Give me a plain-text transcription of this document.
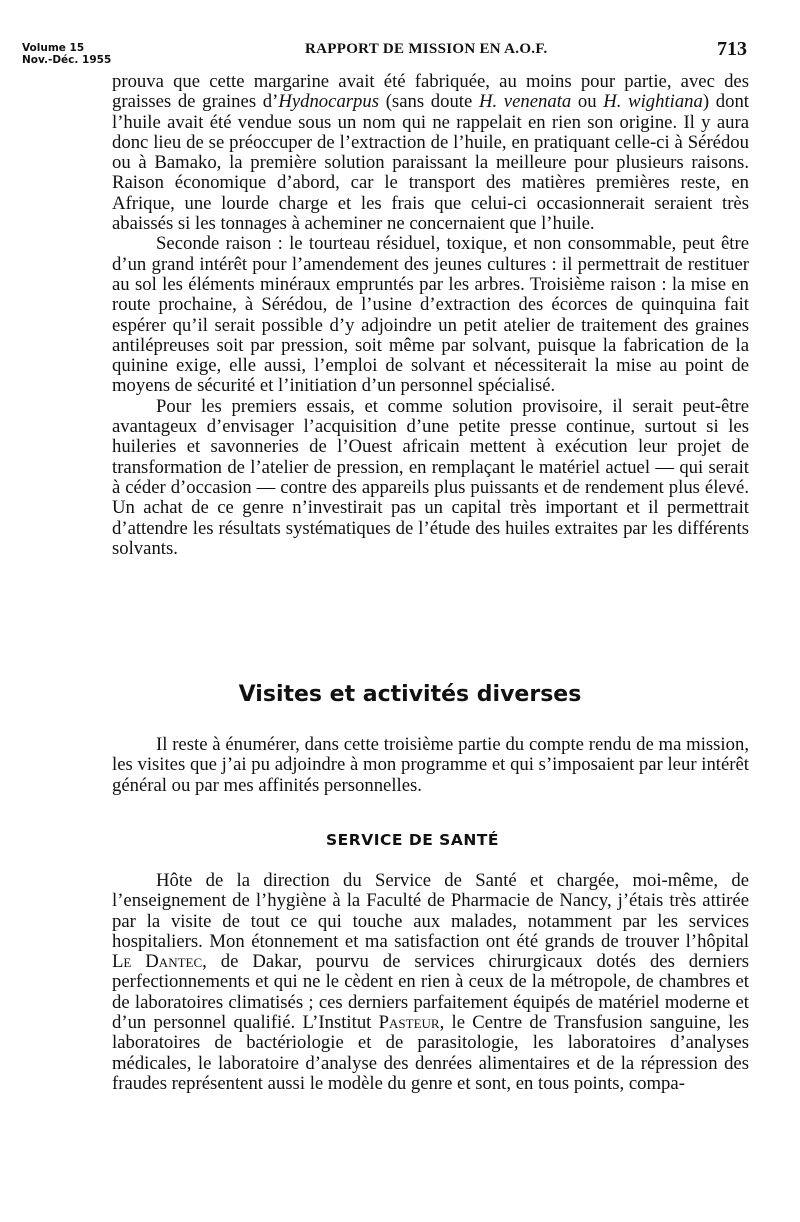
Volume 15
Nov.-Déc. 1955
RAPPORT DE MISSION EN A.O.F.	713

prouva que cette margarine avait été fabriquée, au moins pour partie, avec des graisses de graines d’Hydnocarpus (sans doute H. venenata ou H. wightiana) dont l’huile avait été vendue sous un nom qui ne rappelait en rien son origine. Il y aura donc lieu de se préoccuper de l’extraction de l’huile, en pratiquant celle-ci à Sérédou ou à Bamako, la première solution paraissant la meilleure pour plusieurs raisons. Raison économique d’abord, car le transport des matières premières reste, en Afrique, une lourde charge et les frais que celui-ci occasionnerait seraient très abaissés si les tonnages à acheminer ne concernaient que l’huile.

Seconde raison : le tourteau résiduel, toxique, et non consommable, peut être d’un grand intérêt pour l’amendement des jeunes cultures : il permettrait de restituer au sol les éléments minéraux empruntés par les arbres. Troisième raison : la mise en route prochaine, à Sérédou, de l’usine d’extraction des écorces de quinquina fait espérer qu’il serait possible d’y adjoindre un petit atelier de traitement des graines antilépreuses soit par pression, soit même par solvant, puisque la fabrication de la quinine exige, elle aussi, l’emploi de solvant et nécessiterait la mise au point de moyens de sécurité et l’initiation d’un personnel spécialisé.

Pour les premiers essais, et comme solution provisoire, il serait peut-être avantageux d’envisager l’acquisition d’une petite presse continue, surtout si les huileries et savonneries de l’Ouest africain mettent à exécution leur projet de transformation de l’atelier de pression, en remplaçant le matériel actuel — qui serait à céder d’occasion — contre des appareils plus puissants et de rendement plus élevé. Un achat de ce genre n’investirait pas un capital très important et il permettrait d’attendre les résultats systématiques de l’étude des huiles extraites par les différents solvants.

Visites et activités diverses

Il reste à énumérer, dans cette troisième partie du compte rendu de ma mission, les visites que j’ai pu adjoindre à mon programme et qui s’imposaient par leur intérêt général ou par mes affinités personnelles.

SERVICE DE SANTÉ

Hôte de la direction du Service de Santé et chargée, moi-même, de l’enseignement de l’hygiène à la Faculté de Pharmacie de Nancy, j’étais très attirée par la visite de tout ce qui touche aux malades, notamment par les services hospitaliers. Mon étonnement et ma satisfaction ont été grands de trouver l’hôpital Le Dantec, de Dakar, pourvu de services chirurgicaux dotés des derniers perfectionnements et qui ne le cèdent en rien à ceux de la métropole, de chambres et de laboratoires climatisés ; ces derniers parfaitement équipés de matériel moderne et d’un personnel qualifié. L’Institut Pasteur, le Centre de Transfusion sanguine, les laboratoires de bactériologie et de parasitologie, les laboratoires d’analyses médicales, le laboratoire d’analyse des denrées alimentaires et de la répression des fraudes représentent aussi le modèle du genre et sont, en tous points, compa-
